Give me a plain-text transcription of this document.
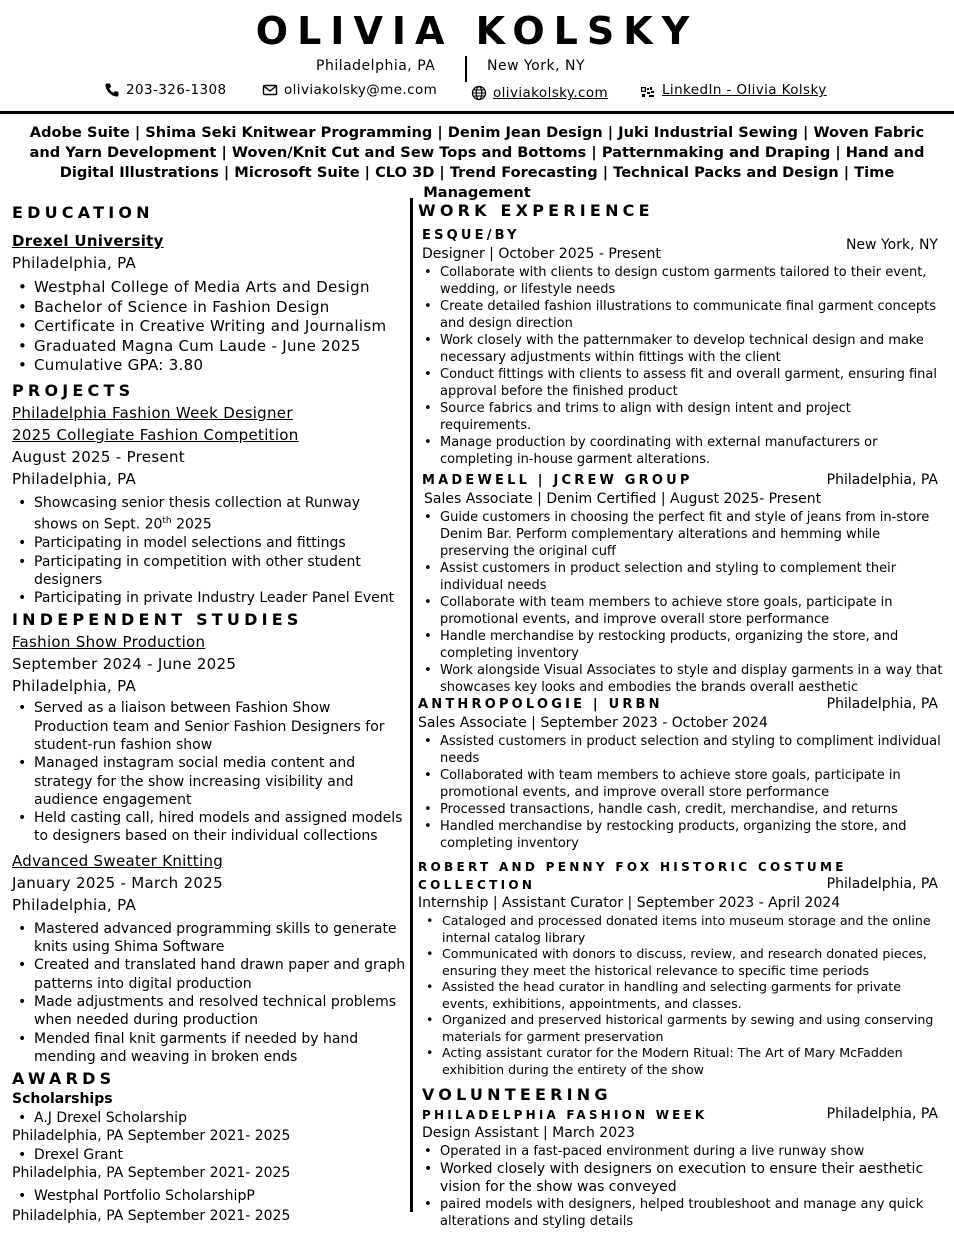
OLIVIA KOLSKY
Philadelphia, PA	New York, NY
203-326-1308	oliviakolsky@me.com	oliviakolsky.com	LinkedIn - Olivia Kolsky
Adobe Suite | Shima Seki Knitwear Programming | Denim Jean Design | Juki Industrial Sewing | Woven Fabric and Yarn Development | Woven/Knit Cut and Sew Tops and Bottoms | Patternmaking and Draping | Hand and Digital Illustrations | Microsoft Suite | CLO 3D | Trend Forecasting | Technical Packs and Design | Time Management
EDUCATION
Drexel University
Philadelphia, PA
• Westphal College of Media Arts and Design
• Bachelor of Science in Fashion Design
• Certificate in Creative Writing and Journalism
• Graduated Magna Cum Laude - June 2025
• Cumulative GPA: 3.80
PROJECTS
Philadelphia Fashion Week Designer
2025 Collegiate Fashion Competition
August 2025 - Present
Philadelphia, PA
• Showcasing senior thesis collection at Runway shows on Sept. 20th 2025
• Participating in model selections and fittings
• Participating in competition with other student designers
• Participating in private Industry Leader Panel Event
INDEPENDENT STUDIES
Fashion Show Production
September 2024 - June 2025
Philadelphia, PA
• Served as a liaison between Fashion Show Production team and Senior Fashion Designers for student-run fashion show
• Managed instagram social media content and strategy for the show increasing visibility and audience engagement
• Held casting call, hired models and assigned models to designers based on their individual collections
Advanced Sweater Knitting
January 2025 - March 2025
Philadelphia, PA
• Mastered advanced programming skills to generate knits using Shima Software
• Created and translated hand drawn paper and graph patterns into digital production
• Made adjustments and resolved technical problems when needed during production
• Mended final knit garments if needed by hand mending and weaving in broken ends
AWARDS
Scholarships
• A.J Drexel Scholarship
Philadelphia, PA September 2021- 2025
• Drexel Grant
Philadelphia, PA September 2021- 2025
• Westphal Portfolio ScholarshipP
Philadelphia, PA September 2021- 2025
WORK EXPERIENCE
ESQUE/BY
New York, NY
Designer | October 2025 - Present
• Collaborate with clients to design custom garments tailored to their event, wedding, or lifestyle needs
• Create detailed fashion illustrations to communicate final garment concepts and design direction
• Work closely with the patternmaker to develop technical design and make necessary adjustments within fittings with the client
• Conduct fittings with clients to assess fit and overall garment, ensuring final approval before the finished product
• Source fabrics and trims to align with design intent and project requirements.
• Manage production by coordinating with external manufacturers or completing in-house garment alterations.
MADEWELL | JCREW GROUP	Philadelphia, PA
Sales Associate | Denim Certified | August 2025- Present
• Guide customers in choosing the perfect fit and style of jeans from in-store Denim Bar. Perform complementary alterations and hemming while preserving the original cuff
• Assist customers in product selection and styling to complement their individual needs
• Collaborate with team members to achieve store goals, participate in promotional events, and improve overall store performance
• Handle merchandise by restocking products, organizing the store, and completing inventory
• Work alongside Visual Associates to style and display garments in a way that showcases key looks and embodies the brands overall aesthetic
ANTHROPOLOGIE | URBN	Philadelphia, PA
Sales Associate | September 2023 - October 2024
• Assisted customers in product selection and styling to compliment individual needs
• Collaborated with team members to achieve store goals, participate in promotional events, and improve overall store performance
• Processed transactions, handle cash, credit, merchandise, and returns
• Handled merchandise by restocking products, organizing the store, and completing inventory
ROBERT AND PENNY FOX HISTORIC COSTUME
COLLECTION	Philadelphia, PA
Internship | Assistant Curator | September 2023 - April 2024
• Cataloged and processed donated items into museum storage and the online internal catalog library
• Communicated with donors to discuss, review, and research donated pieces, ensuring they meet the historical relevance to specific time periods
• Assisted the head curator in handling and selecting garments for private events, exhibitions, appointments, and classes.
• Organized and preserved historical garments by sewing and using conserving materials for garment preservation
• Acting assistant curator for the Modern Ritual: The Art of Mary McFadden exhibition during the entirety of the show
VOLUNTEERING
PHILADELPHIA FASHION WEEK	Philadelphia, PA
Design Assistant | March 2023
• Operated in a fast-paced environment during a live runway show
• Worked closely with designers on execution to ensure their aesthetic vision for the show was conveyed
• paired models with designers, helped troubleshoot and manage any quick alterations and styling details
